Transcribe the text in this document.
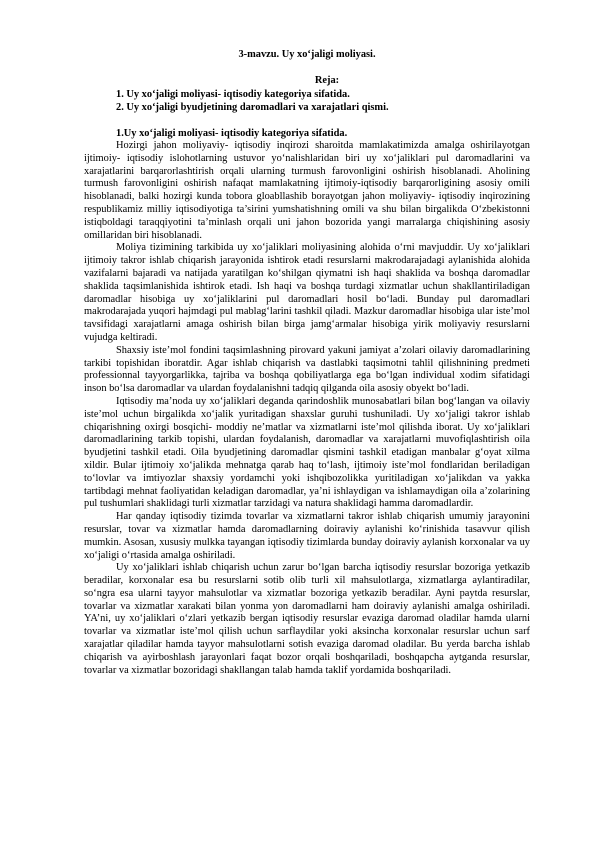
3-mavzu. Uy xo‘jaligi moliyasi.
Reja:
1. Uy xo‘jaligi moliyasi- iqtisodiy kategoriya sifatida.
2. Uy xo‘jaligi byudjetining daromadlari va xarajatlari qismi.
1.Uy xo‘jaligi moliyasi- iqtisodiy kategoriya sifatida.

Hozirgi jahon moliyaviy- iqtisodiy inqirozi sharoitda mamlakatimizda amalga oshirilayotgan ijtimoiy- iqtisodiy islohotlarning ustuvor yo‘nalishlaridan biri uy xo‘jaliklari pul daromadlarini va xarajatlarini barqarorlashtirish orqali ularning turmush farovonligini oshirish hisoblanadi. Aholining turmush farovonligini oshirish nafaqat mamlakatning ijtimoiy-iqtisodiy barqarorligining asosiy omili hisoblanadi, balki hozirgi kunda tobora gloabllashib borayotgan jahon moliyaviy- iqtisodiy inqirozining respublikamiz milliy iqtisodiyotiga ta’sirini yumshatishning omili va shu bilan birgalikda O‘zbekistonni istiqboldagi taraqqiyotini ta’minlash orqali uni jahon bozorida yangi marralarga chiqishining asosiy omillaridan biri hisoblanadi.

Moliya tizimining tarkibida uy xo‘jaliklari moliyasining alohida o‘rni mavjuddir. Uy xo‘jaliklari ijtimoiy takror ishlab chiqarish jarayonida ishtirok etadi resurslarni makrodarajadagi aylanishida alohida vazifalarni bajaradi va natijada yaratilgan ko‘shilgan qiymatni ish haqi shaklida va boshqa daromadlar shaklida taqsimlanishida ishtirok etadi. Ish haqi va boshqa turdagi xizmatlar uchun shakllantiriladigan daromadlar hisobiga uy xo‘jaliklarini pul daromadlari hosil bo‘ladi. Bunday pul daromadlari makrodarajada yuqori hajmdagi pul mablag‘larini tashkil qiladi. Mazkur daromadlar hisobiga ular iste’mol tavsifidagi xarajatlarni amaga oshirish bilan birga jamg‘armalar hisobiga yirik moliyaviy resurslarni vujudga keltiradi.

Shaxsiy iste’mol fondini taqsimlashning pirovard yakuni jamiyat a’zolari oilaviy daromadlarining tarkibi topishidan iboratdir. Agar ishlab chiqarish va dastlabki taqsimotni tahlil qilishnining predmeti professionnal tayyorgarlikka, tajriba va boshqa qobiliyatlarga ega bo‘lgan individual xodim sifatidagi inson bo‘lsa daromadlar va ulardan foydalanishni tadqiq qilganda oila asosiy obyekt bo‘ladi.

Iqtisodiy ma’noda uy xo‘jaliklari deganda qarindoshlik munosabatlari bilan bog‘langan va oilaviy iste’mol uchun birgalikda xo‘jalik yuritadigan shaxslar guruhi tushuniladi. Uy xo‘jaligi takror ishlab chiqarishning oxirgi bosqichi- moddiy ne’matlar va xizmatlarni iste’mol qilishda iborat. Uy xo‘jaliklari daromadlarining tarkib topishi, ulardan foydalanish, daromadlar va xarajatlarni muvofiqlashtirish oila byudjetini tashkil etadi. Oila byudjetining daromadlar qismini tashkil etadigan manbalar g‘oyat xilma xildir. Bular ijtimoiy xo‘jalikda mehnatga qarab haq to‘lash, ijtimoiy iste’mol fondlaridan beriladigan to‘lovlar va imtiyozlar shaxsiy yordamchi yoki ishqibozolikka yuritiladigan xo‘jalikdan va yakka tartibdagi mehnat faoliyatidan keladigan daromadlar, ya’ni ishlaydigan va ishlamaydigan oila a’zolarining pul tushumlari shaklidagi turli xizmatlar tarzidagi va natura shaklidagi hamma daromadlardir.

Har qanday iqtisodiy tizimda tovarlar va xizmatlarni takror ishlab chiqarish umumiy jarayonini resurslar, tovar va xizmatlar hamda daromadlarning doiraviy aylanishi ko‘rinishida tasavvur qilish mumkin. Asosan, xususiy mulkka tayangan iqtisodiy tizimlarda bunday doiraviy aylanish korxonalar va uy xo‘jaligi o‘rtasida amalga oshiriladi.

Uy xo‘jaliklari ishlab chiqarish uchun zarur bo‘lgan barcha iqtisodiy resurslar bozoriga yetkazib beradilar, korxonalar esa bu resurslarni sotib olib turli xil mahsulotlarga, xizmatlarga aylantiradilar, so‘ngra esa ularni tayyor mahsulotlar va xizmatlar bozoriga yetkazib beradilar. Ayni paytda resurslar, tovarlar va xizmatlar xarakati bilan yonma yon daromadlarni ham doiraviy aylanishi amalga oshiriladi. YA’ni, uy xo‘jaliklari o‘zlari yetkazib bergan iqtisodiy resurslar evaziga daromad oladilar hamda ularni tovarlar va xizmatlar iste’mol qilish uchun sarflaydilar yoki aksincha korxonalar resurslar uchun sarf xarajatlar qiladilar hamda tayyor mahsulotlarni sotish evaziga daromad oladilar. Bu yerda barcha ishlab chiqarish va ayirboshlash jarayonlari faqat bozor orqali boshqariladi, boshqapcha aytganda resurslar, tovarlar va xizmatlar bozoridagi shakllangan talab hamda taklif yordamida boshqariladi.
